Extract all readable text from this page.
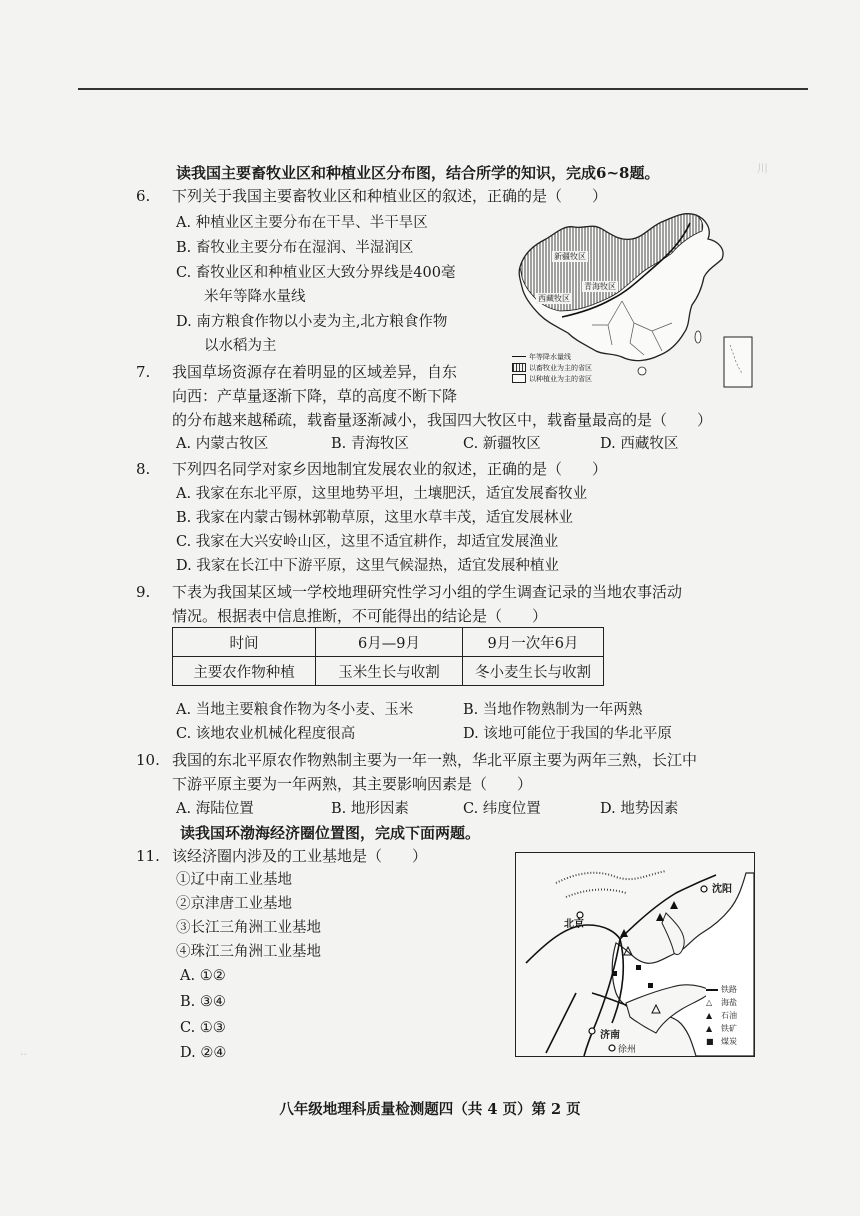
川
..
读我国主要畜牧业区和种植业区分布图，结合所学的知识，完成6~8题。
6. 下列关于我国主要畜牧业区和种植业区的叙述，正确的是（　　）
A. 种植业区主要分布在干旱、半干旱区
B. 畜牧业主要分布在湿润、半湿润区
C. 畜牧业区和种植业区大致分界线是400毫
米年等降水量线
D. 南方粮食作物以小麦为主,北方粮食作物
以水稻为主
新疆牧区
西藏牧区
青海牧区
年等降水量线
以畜牧业为主的省区
以种植业为主的省区
7. 我国草场资源存在着明显的区域差异，自东
向西：产草量逐渐下降，草的高度不断下降
的分布越来越稀疏，载畜量逐渐减小，我国四大牧区中，载畜量最高的是（　　）
A. 内蒙古牧区	B. 青海牧区	C. 新疆牧区	D. 西藏牧区
8. 下列四名同学对家乡因地制宜发展农业的叙述，正确的是（　　）
A. 我家在东北平原，这里地势平坦，土壤肥沃，适宜发展畜牧业
B. 我家在内蒙古锡林郭勒草原，这里水草丰茂，适宜发展林业
C. 我家在大兴安岭山区，这里不适宜耕作，却适宜发展渔业
D. 我家在长江中下游平原，这里气候湿热，适宜发展种植业
9. 下表为我国某区域一学校地理研究性学习小组的学生调查记录的当地农事活动
情况。根据表中信息推断，不可能得出的结论是（　　）
时间	6月—9月	9月一次年6月
主要农作物种植	玉米生长与收割	冬小麦生长与收割
A. 当地主要粮食作物为冬小麦、玉米	B. 当地作物熟制为一年两熟
C. 该地农业机械化程度很高	D. 该地可能位于我国的华北平原
10. 我国的东北平原农作物熟制主要为一年一熟，华北平原主要为两年三熟，长江中
下游平原主要为一年两熟，其主要影响因素是（　　）
A. 海陆位置	B. 地形因素	C. 纬度位置	D. 地势因素
读我国环渤海经济圈位置图，完成下面两题。
11. 该经济圈内涉及的工业基地是（　　）
①辽中南工业基地
②京津唐工业基地
③长江三角洲工业基地
④珠江三角洲工业基地
A. ①②
B. ③④
C. ①③
D. ②④
沈阳
北京
济南
徐州
铁路
△	海盐
▲	石油
▲	铁矿
■ 煤炭
八年级地理科质量检测题四（共 4 页）第 2 页
